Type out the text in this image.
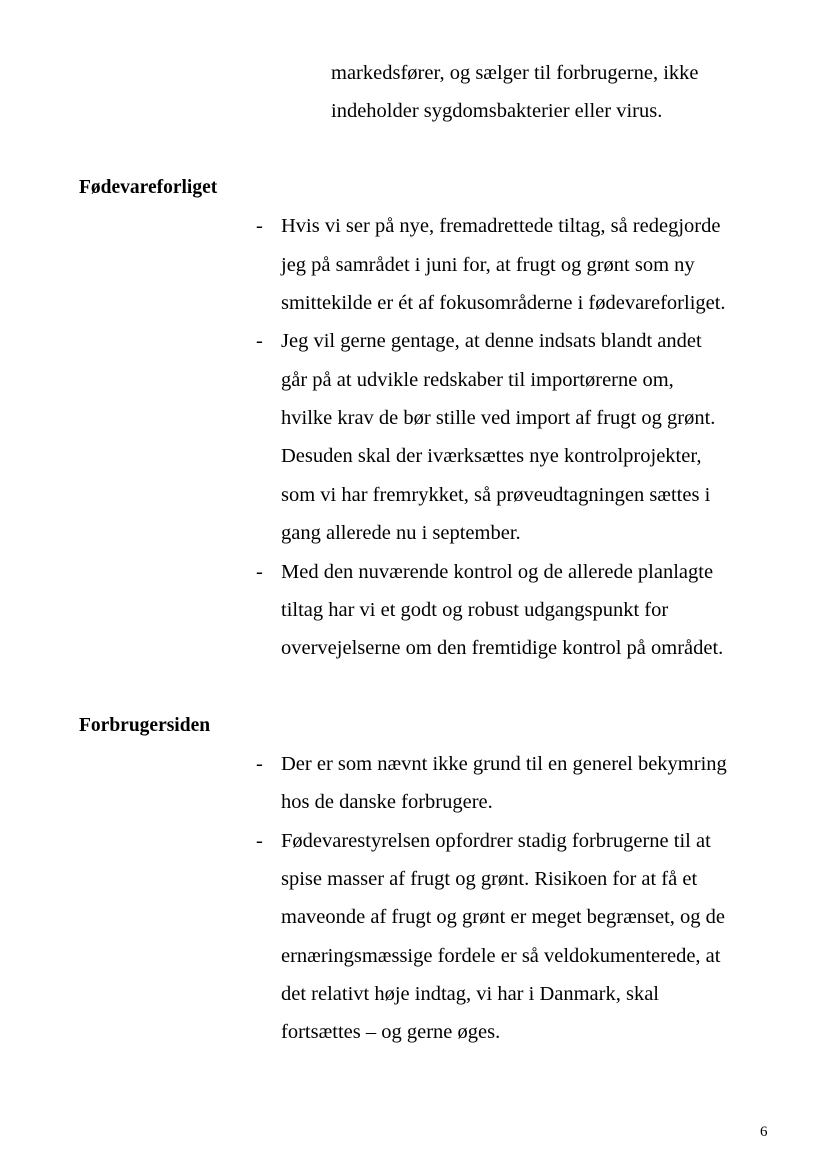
markedsfører, og sælger til forbrugerne, ikke
indeholder sygdomsbakterier eller virus.
Fødevareforliget
- Hvis vi ser på nye, fremadrettede tiltag, så redegjorde
jeg på samrådet i juni for, at frugt og grønt som ny
smittekilde er ét af fokusområderne i fødevareforliget.
- Jeg vil gerne gentage, at denne indsats blandt andet
går på at udvikle redskaber til importørerne om,
hvilke krav de bør stille ved import af frugt og grønt.
Desuden skal der iværksættes nye kontrolprojekter,
som vi har fremrykket, så prøveudtagningen sættes i
gang allerede nu i september.
- Med den nuværende kontrol og de allerede planlagte
tiltag har vi et godt og robust udgangspunkt for
overvejelserne om den fremtidige kontrol på området.
Forbrugersiden
- Der er som nævnt ikke grund til en generel bekymring
hos de danske forbrugere.
- Fødevarestyrelsen opfordrer stadig forbrugerne til at
spise masser af frugt og grønt. Risikoen for at få et
maveonde af frugt og grønt er meget begrænset, og de
ernæringsmæssige fordele er så veldokumenterede, at
det relativt høje indtag, vi har i Danmark, skal
fortsættes – og gerne øges.
6
